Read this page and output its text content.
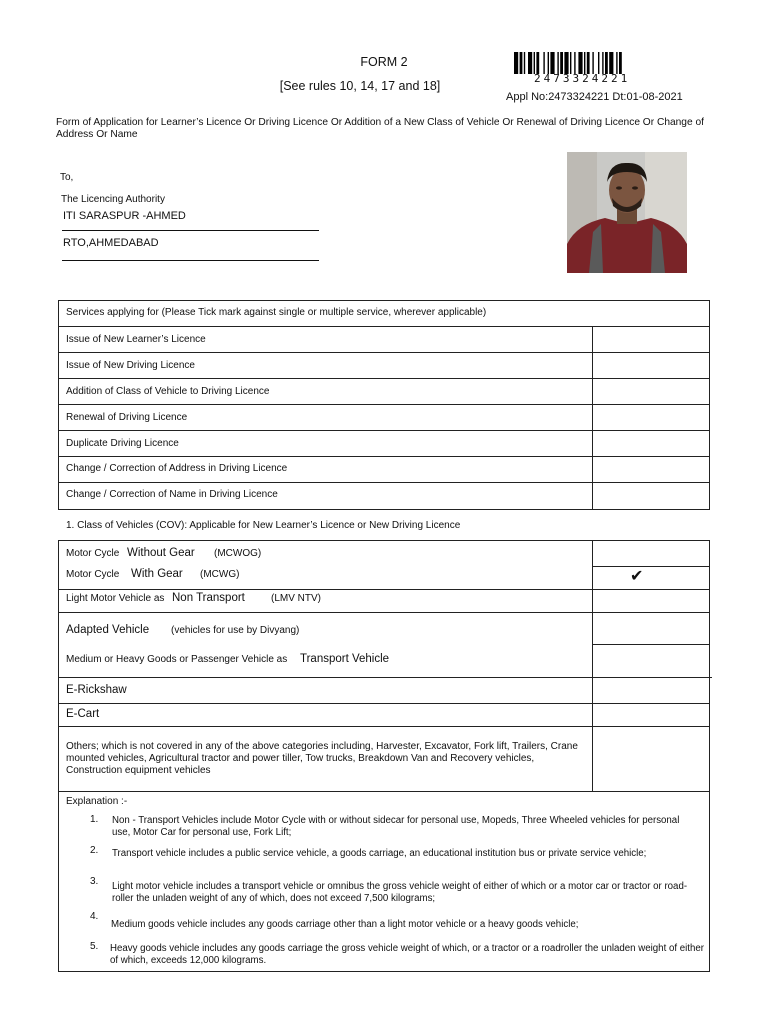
FORM 2
[See rules 10, 14, 17 and 18]
2473324221
Appl No:2473324221 Dt:01-08-2021
Form of Application for Learner’s Licence Or Driving Licence Or Addition of a New Class of Vehicle Or Renewal of Driving Licence Or Change of Address Or Name
To,
The Licencing Authority
ITI SARASPUR -AHMED
RTO,AHMEDABAD
Services applying for (Please Tick mark against single or multiple service, wherever applicable)
Issue of New Learner’s Licence
Issue of New Driving Licence
Addition of Class of Vehicle to Driving Licence
Renewal of Driving Licence
Duplicate Driving Licence
Change / Correction of Address in Driving Licence
Change / Correction of Name in Driving Licence
1. Class of Vehicles (COV): Applicable for New Learner’s Licence or New Driving Licence
Motor Cycle Without Gear (MCWOG)
Motor Cycle With Gear (MCWG)	✔
Light Motor Vehicle as Non Transport	(LMV NTV)
Adapted Vehicle (vehicles for use by Divyang)
Medium or Heavy Goods or Passenger Vehicle as Transport Vehicle
E-Rickshaw
E-Cart
Others; which is not covered in any of the above categories including, Harvester, Excavator, Fork lift, Trailers, Crane mounted vehicles, Agricultural tractor and power tiller, Tow trucks, Breakdown Van and Recovery vehicles, Construction equipment vehicles
Explanation :-
1. Non - Transport Vehicles include Motor Cycle with or without sidecar for personal use, Mopeds, Three Wheeled vehicles for personal use, Motor Car for personal use, Fork Lift;
2. Transport vehicle includes a public service vehicle, a goods carriage, an educational institution bus or private service vehicle;
3. Light motor vehicle includes a transport vehicle or omnibus the gross vehicle weight of either of which or a motor car or tractor or road-roller the unladen weight of any of which, does not exceed 7,500 kilograms;
4.
Medium goods vehicle includes any goods carriage other than a light motor vehicle or a heavy goods vehicle;
5. Heavy goods vehicle includes any goods carriage the gross vehicle weight of which, or a tractor or a roadroller the unladen weight of either of which, exceeds 12,000 kilograms.
